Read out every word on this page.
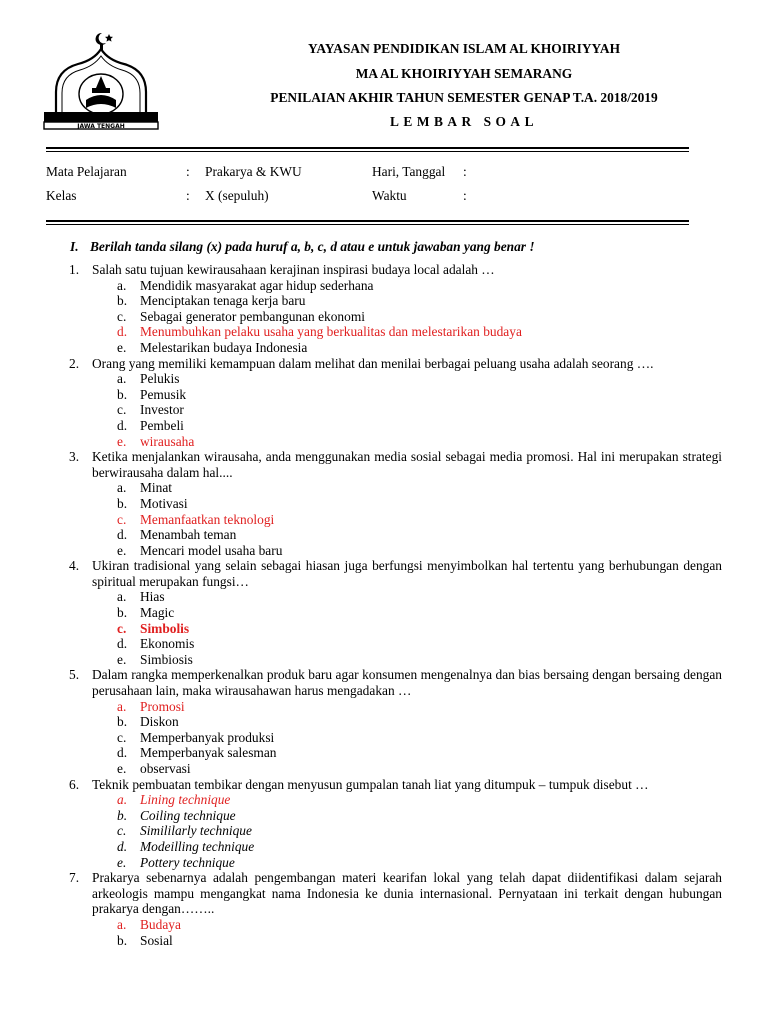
JAWA TENGAH
YAYASAN PENDIDIKAN ISLAM AL KHOIRIYYAH
MA AL KHOIRIYYAH SEMARANG
PENILAIAN AKHIR TAHUN SEMESTER GENAP T.A. 2018/2019
LEMBAR SOAL
Mata Pelajaran	: Prakarya & KWU	Hari, Tanggal :
Kelas	: X (sepuluh)	Waktu	:
I. Berilah tanda silang (x) pada huruf a, b, c, d atau e untuk jawaban yang benar !
1. Salah satu tujuan kewirausahaan kerajinan inspirasi budaya local adalah …
a. Mendidik masyarakat agar hidup sederhana
b. Menciptakan tenaga kerja baru
c. Sebagai generator pembangunan ekonomi
d. Menumbuhkan pelaku usaha yang berkualitas dan melestarikan budaya
e. Melestarikan budaya Indonesia
2. Orang yang memiliki kemampuan dalam melihat dan menilai berbagai peluang usaha adalah seorang ….
a. Pelukis
b. Pemusik
c. Investor
d. Pembeli
e. wirausaha
3. Ketika menjalankan wirausaha, anda menggunakan media sosial sebagai media promosi. Hal ini merupakan strategi berwirausaha dalam hal....
a. Minat
b. Motivasi
c. Memanfaatkan teknologi
d. Menambah teman
e. Mencari model usaha baru
4. Ukiran tradisional yang selain sebagai hiasan juga berfungsi menyimbolkan hal tertentu yang berhubungan dengan spiritual merupakan fungsi…
a. Hias
b. Magic
c. Simbolis
d. Ekonomis
e. Simbiosis
5. Dalam rangka memperkenalkan produk baru agar konsumen mengenalnya dan bias bersaing dengan bersaing dengan perusahaan lain, maka wirausahawan harus mengadakan …
a. Promosi
b. Diskon
c. Memperbanyak produksi
d. Memperbanyak salesman
e. observasi
6. Teknik pembuatan tembikar dengan menyusun gumpalan tanah liat yang ditumpuk – tumpuk disebut …
a. Lining technique
b. Coiling technique
c. Simililarly technique
d. Modeilling technique
e. Pottery technique
7. Prakarya sebenarnya adalah pengembangan materi kearifan lokal yang telah dapat diidentifikasi dalam sejarah arkeologis mampu mengangkat nama Indonesia ke dunia internasional. Pernyataan ini terkait dengan hubungan prakarya dengan……..
a. Budaya
b. Sosial
